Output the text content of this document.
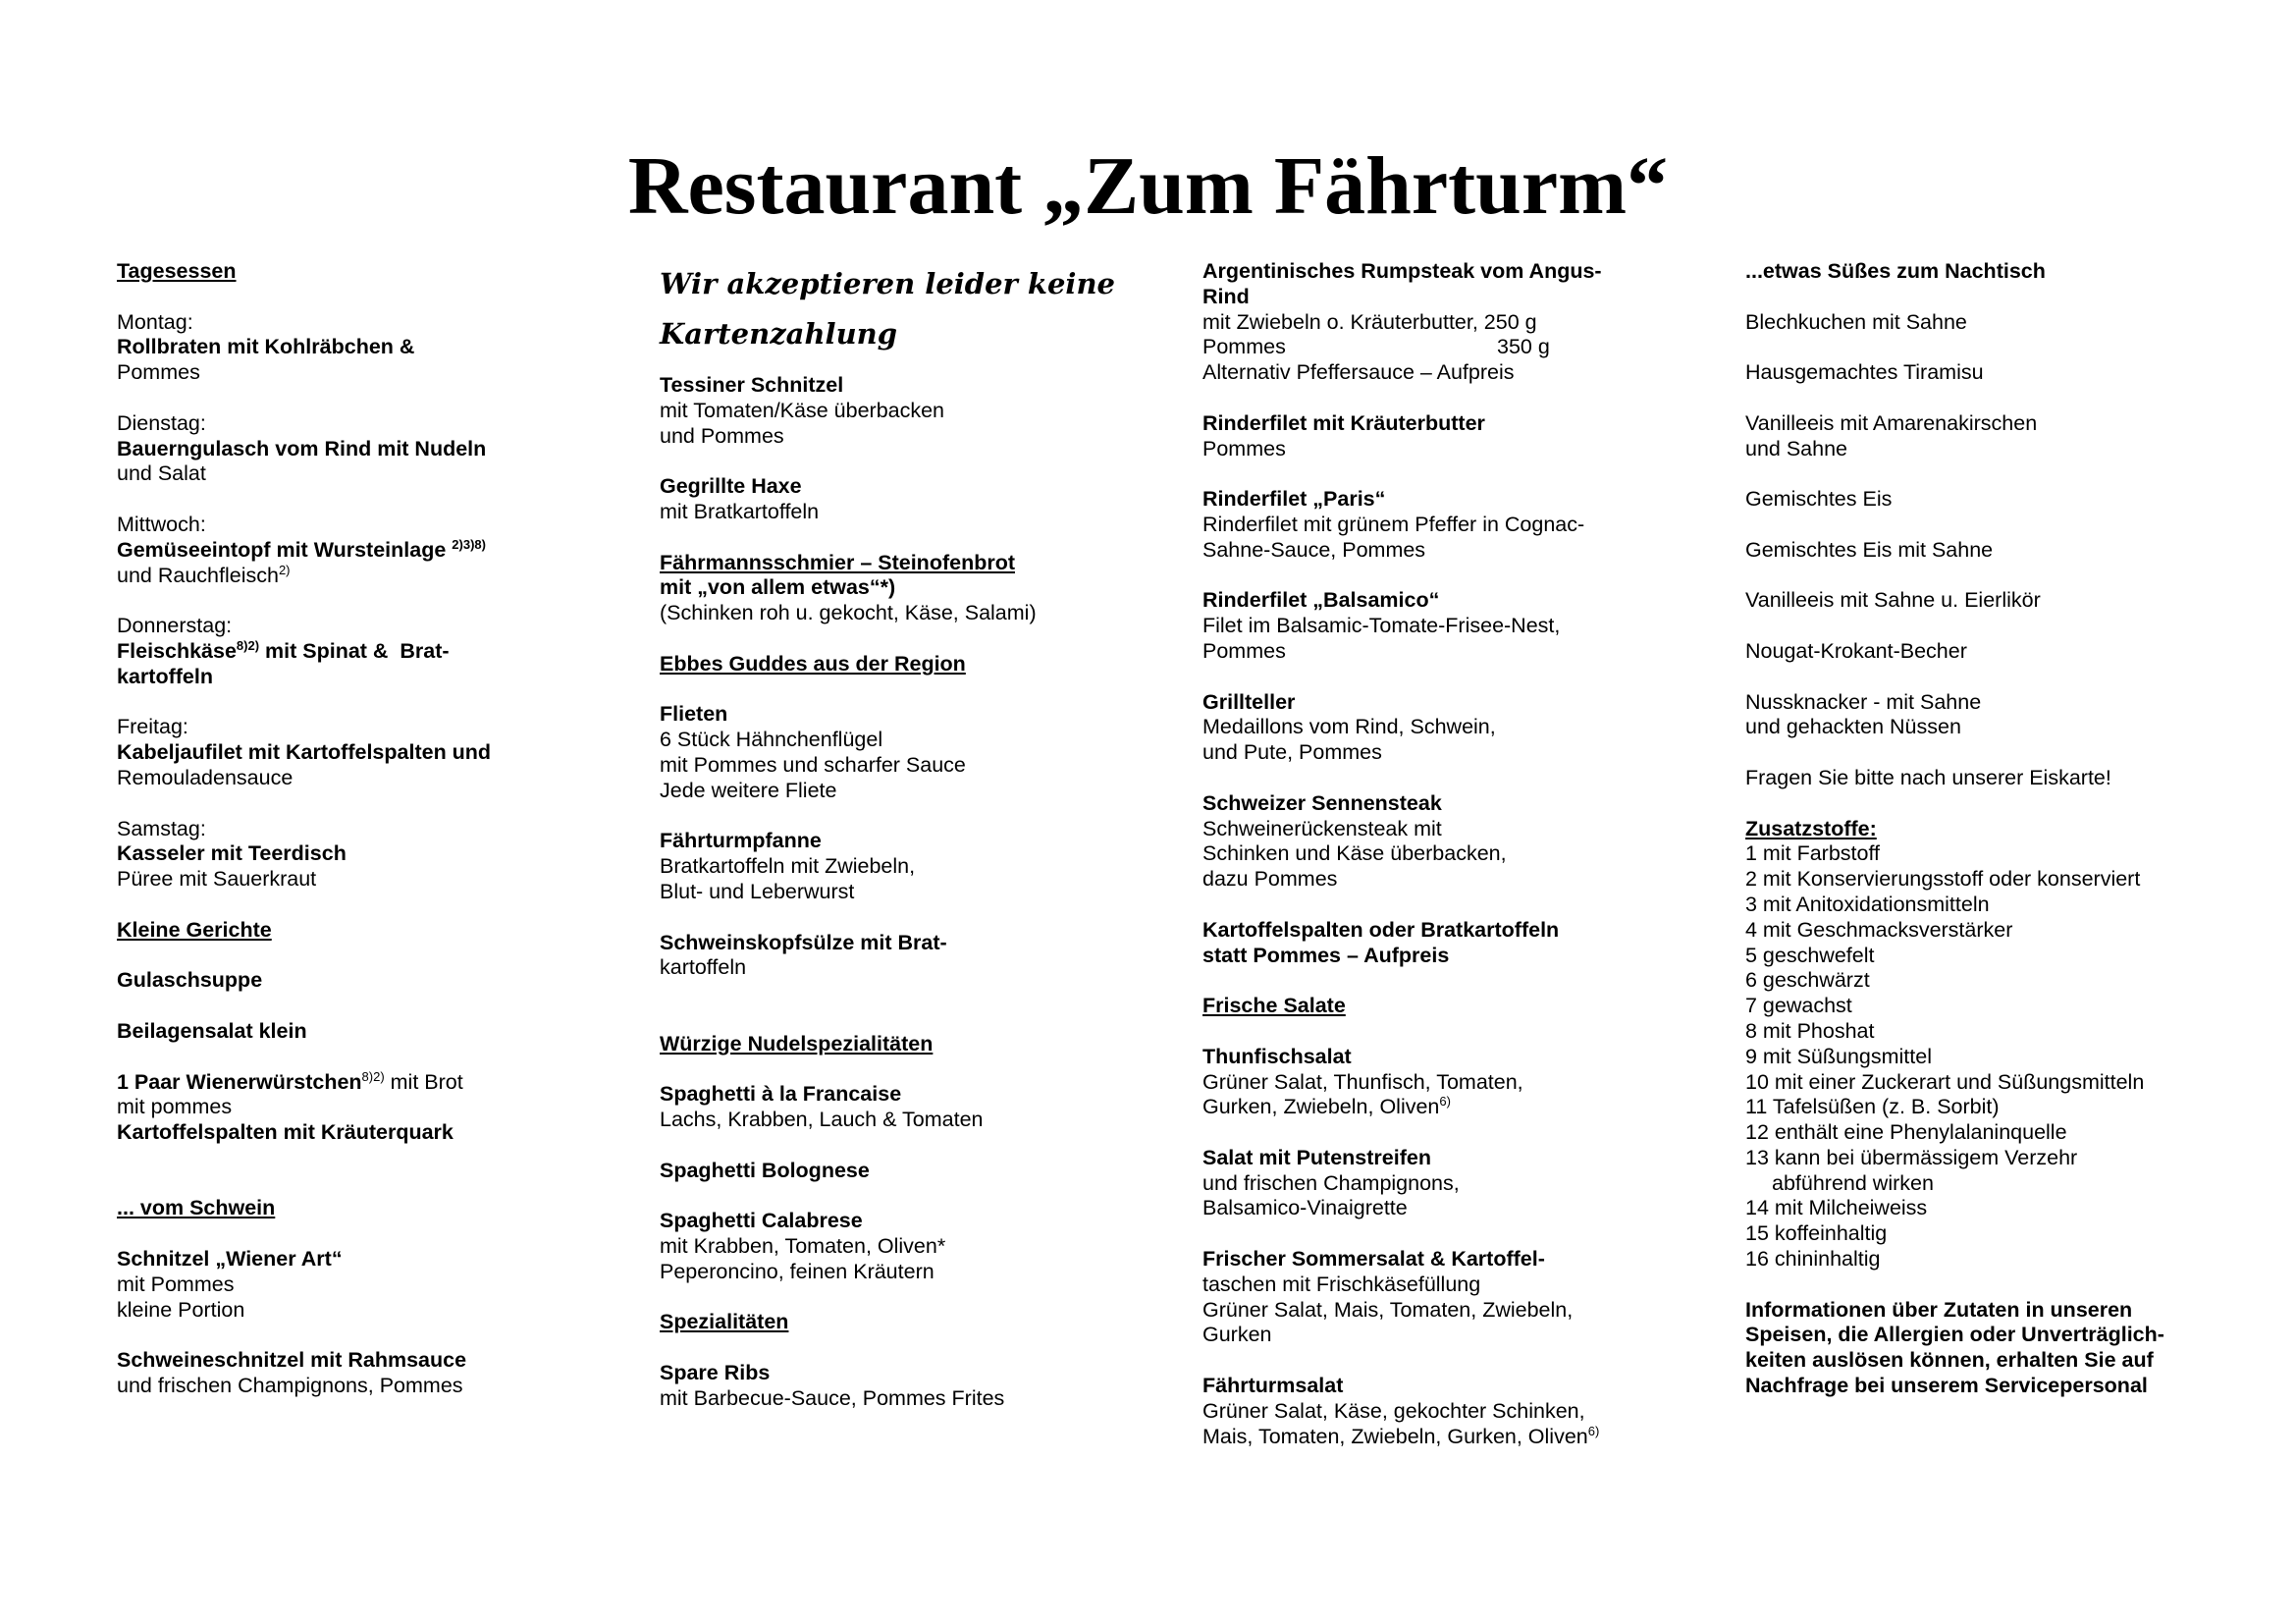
Restaurant „Zum Fährturm“
Tagesessen
Montag:
Rollbraten mit Kohlräbchen &
Pommes
Dienstag:
Bauerngulasch vom Rind mit Nudeln
und Salat
Mittwoch:
Gemüseeintopf mit Wursteinlage $^{2)3)8)}$
und Rauchfleisch$^{2)}$
Donnerstag:
Fleischkäse$^{8)2)}$ mit Spinat &  Brat-
kartoffeln
Freitag:
Kabeljaufilet mit Kartoffelspalten und
Remouladensauce
Samstag:
Kasseler mit Teerdisch
Püree mit Sauerkraut
Kleine Gerichte
Gulaschsuppe
Beilagensalat klein
1 Paar Wienerwürstchen$^{8)2)}$ mit Brot
mit pommes
Kartoffelspalten mit Kräuterquark
... vom Schwein
Schnitzel „Wiener Art“
mit Pommes
kleine Portion
Schweineschnitzel mit Rahmsauce
und frischen Champignons, Pommes
Wir akzeptieren leider keine
Kartenzahlung
Tessiner Schnitzel
mit Tomaten/Käse überbacken
und Pommes
Gegrillte Haxe
mit Bratkartoffeln
Fährmannsschmier – Steinofenbrot
mit „von allem etwas“*)
(Schinken roh u. gekocht, Käse, Salami)
Ebbes Guddes aus der Region
Flieten
6 Stück Hähnchenflügel
mit Pommes und scharfer Sauce
Jede weitere Fliete
Fährturmpfanne
Bratkartoffeln mit Zwiebeln,
Blut- und Leberwurst
Schweinskopfsülze mit Brat-
kartoffeln
Würzige Nudelspezialitäten
Spaghetti à la Francaise
Lachs, Krabben, Lauch & Tomaten
Spaghetti Bolognese
Spaghetti Calabrese
mit Krabben, Tomaten, Oliven*
Peperoncino, feinen Kräutern
Spezialitäten
Spare Ribs
mit Barbecue-Sauce, Pommes Frites
Argentinisches Rumpsteak vom Angus-
Rind
mit Zwiebeln o. Kräuterbutter, 250 g
Pommes	350 g
Alternativ Pfeffersauce – Aufpreis
Rinderfilet mit Kräuterbutter
Pommes
Rinderfilet „Paris“
Rinderfilet mit grünem Pfeffer in Cognac-
Sahne-Sauce, Pommes
Rinderfilet „Balsamico“
Filet im Balsamic-Tomate-Frisee-Nest,
Pommes
Grillteller
Medaillons vom Rind, Schwein,
und Pute, Pommes
Schweizer Sennensteak
Schweinerückensteak mit
Schinken und Käse überbacken,
dazu Pommes
Kartoffelspalten oder Bratkartoffeln
statt Pommes – Aufpreis
Frische Salate
Thunfischsalat
Grüner Salat, Thunfisch, Tomaten,
Gurken, Zwiebeln, Oliven$^{6)}$
Salat mit Putenstreifen
und frischen Champignons,
Balsamico-Vinaigrette
Frischer Sommersalat & Kartoffel-
taschen mit Frischkäsefüllung
Grüner Salat, Mais, Tomaten, Zwiebeln,
Gurken
Fährturmsalat
Grüner Salat, Käse, gekochter Schinken,
Mais, Tomaten, Zwiebeln, Gurken, Oliven$^{6)}$
...etwas Süßes zum Nachtisch
Blechkuchen mit Sahne
Hausgemachtes Tiramisu
Vanilleeis mit Amarenakirschen
und Sahne
Gemischtes Eis
Gemischtes Eis mit Sahne
Vanilleeis mit Sahne u. Eierlikör
Nougat-Krokant-Becher
Nussknacker - mit Sahne
und gehackten Nüssen
Fragen Sie bitte nach unserer Eiskarte!
Zusatzstoffe:
1 mit Farbstoff
2 mit Konservierungsstoff oder konserviert
3 mit Anitoxidationsmitteln
4 mit Geschmacksverstärker
5 geschwefelt
6 geschwärzt
7 gewachst
8 mit Phoshat
9 mit Süßungsmittel
10 mit einer Zuckerart und Süßungsmitteln
11 Tafelsüßen (z. B. Sorbit)
12 enthält eine Phenylalaninquelle
13 kann bei übermässigem Verzehr
abführend wirken
14 mit Milcheiweiss
15 koffeinhaltig
16 chininhaltig
Informationen über Zutaten in unseren
Speisen, die Allergien oder Unverträglich-
keiten auslösen können, erhalten Sie auf
Nachfrage bei unserem Servicepersonal
